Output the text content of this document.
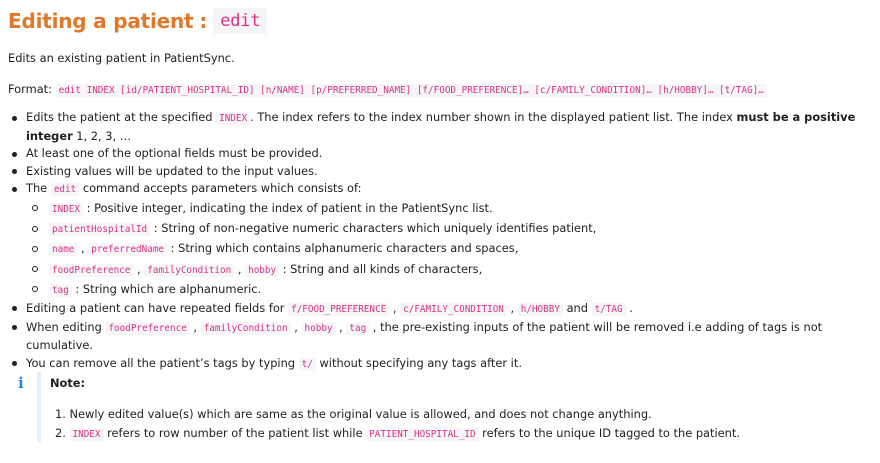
Editing a patient : edit

Edits an existing patient in PatientSync.

Format: edit INDEX [id/PATIENT_HOSPITAL_ID] [n/NAME] [p/PREFERRED_NAME] [f/FOOD_PREFERENCE]… [c/FAMILY_CONDITION]… [h/HOBBY]… [t/TAG]…

Edits the patient at the specified INDEX . The index refers to the index number shown in the displayed patient list. The index must be a positive integer 1, 2, 3, …
At least one of the optional fields must be provided.
Existing values will be updated to the input values.
The edit command accepts parameters which consists of:
INDEX : Positive integer, indicating the index of patient in the PatientSync list.
patientHospitalId : String of non-negative numeric characters which uniquely identifies patient,
name , preferredName : String which contains alphanumeric characters and spaces,
foodPreference , familyCondition , hobby : String and all kinds of characters,
tag : String which are alphanumeric.
Editing a patient can have repeated fields for f/FOOD_PREFERENCE , c/FAMILY_CONDITION , h/HOBBY and t/TAG .
When editing foodPreference , familyCondition , hobby , tag , the pre-existing inputs of the patient will be removed i.e adding of tags is not cumulative.
You can remove all the patient’s tags by typing t/ without specifying any tags after it.
i Note:
1. Newly edited value(s) which are same as the original value is allowed, and does not change anything.
2. INDEX refers to row number of the patient list while PATIENT_HOSPITAL_ID refers to the unique ID tagged to the patient.
